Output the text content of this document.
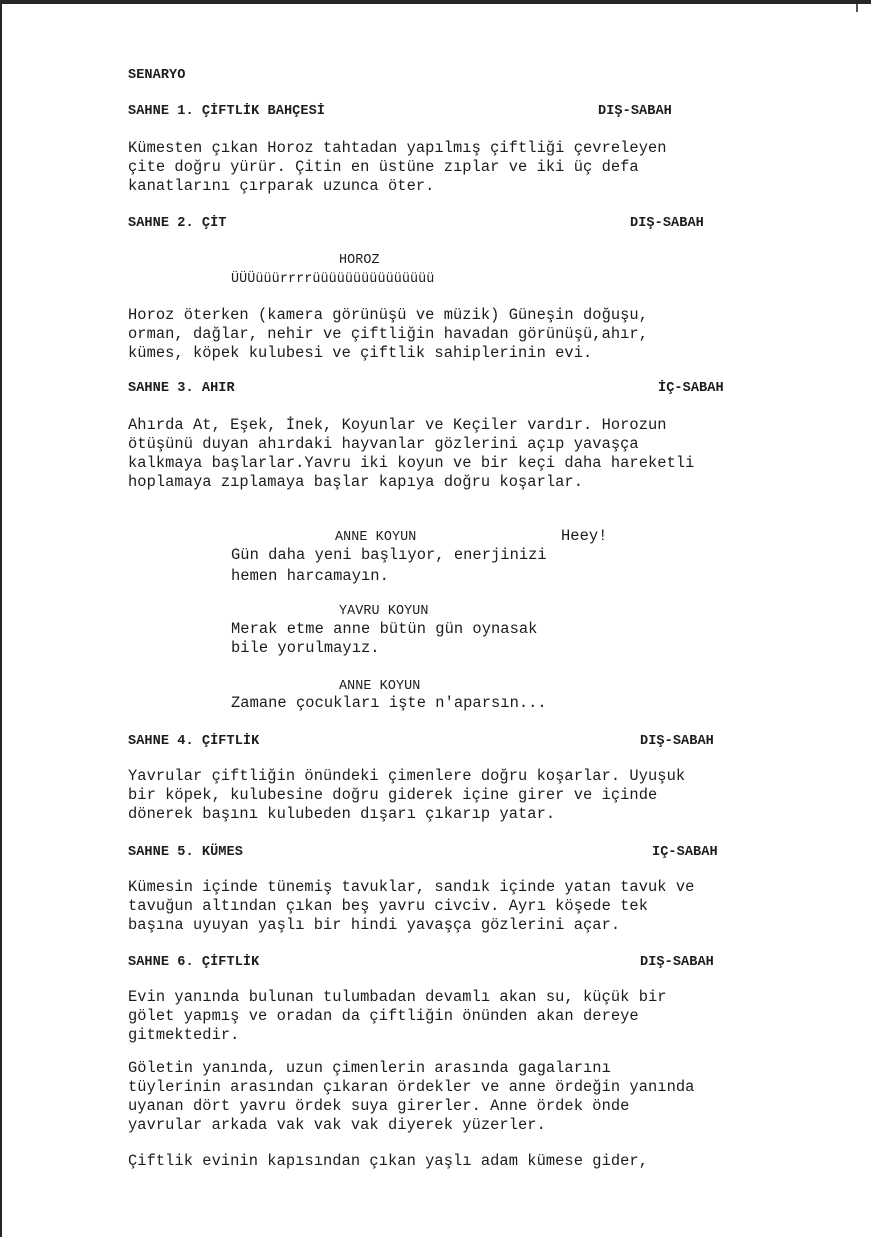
SENARYO
SAHNE 1. ÇİFTLİK BAHÇESİ	DIŞ-SABAH
Kümesten çıkan Horoz tahtadan yapılmış çiftliği çevreleyen
çite doğru yürür. Çitin en üstüne zıplar ve iki üç defa
kanatlarını çırparak uzunca öter.
SAHNE 2. ÇİT	DIŞ-SABAH
HOROZ
ÜÜÜüüürrrrüüüüüüüüüüüüüüü
Horoz öterken (kamera görünüşü ve müzik) Güneşin doğuşu,
orman, dağlar, nehir ve çiftliğin havadan görünüşü,ahır,
kümes, köpek kulubesi ve çiftlik sahiplerinin evi.
SAHNE 3. AHIR	İÇ-SABAH
Ahırda At, Eşek, İnek, Koyunlar ve Keçiler vardır. Horozun
ötüşünü duyan ahırdaki hayvanlar gözlerini açıp yavaşça
kalkmaya başlarlar.Yavru iki koyun ve bir keçi daha hareketli
hoplamaya zıplamaya başlar kapıya doğru koşarlar.
ANNE KOYUN	Heey!
Gün daha yeni başlıyor, enerjinizi
hemen harcamayın.
YAVRU KOYUN
Merak etme anne bütün gün oynasak
bile yorulmayız.
ANNE KOYUN
Zamane çocukları işte n'aparsın...
SAHNE 4. ÇİFTLİK	DIŞ-SABAH
Yavrular çiftliğin önündeki çimenlere doğru koşarlar. Uyuşuk
bir köpek, kulubesine doğru giderek içine girer ve içinde
dönerek başını kulubeden dışarı çıkarıp yatar.
SAHNE 5. KÜMES	IÇ-SABAH
Kümesin içinde tünemiş tavuklar, sandık içinde yatan tavuk ve
tavuğun altından çıkan beş yavru civciv. Ayrı köşede tek
başına uyuyan yaşlı bir hindi yavaşça gözlerini açar.
SAHNE 6. ÇİFTLİK	DIŞ-SABAH
Evin yanında bulunan tulumbadan devamlı akan su, küçük bir
gölet yapmış ve oradan da çiftliğin önünden akan dereye
gitmektedir.
Göletin yanında, uzun çimenlerin arasında gagalarını
tüylerinin arasından çıkaran ördekler ve anne ördeğin yanında
uyanan dört yavru ördek suya girerler. Anne ördek önde
yavrular arkada vak vak vak diyerek yüzerler.
Çiftlik evinin kapısından çıkan yaşlı adam kümese gider,
